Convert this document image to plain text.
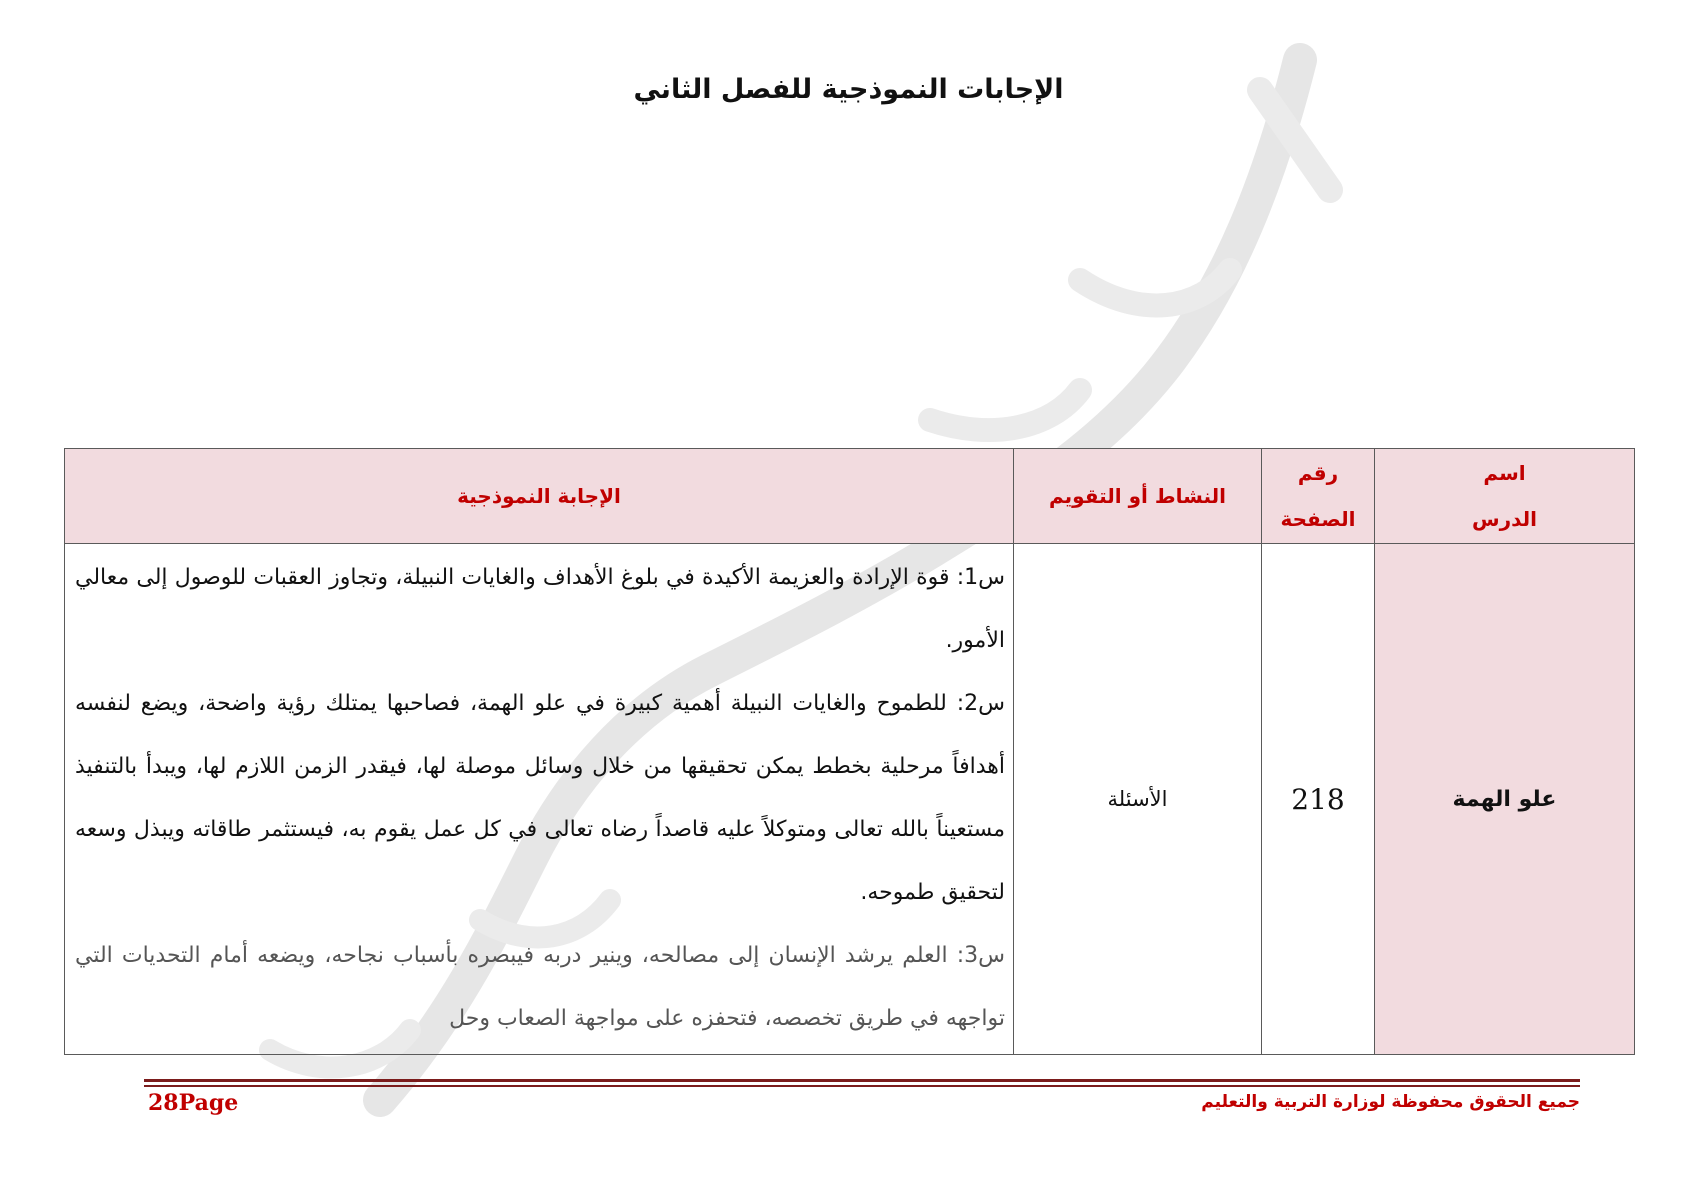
الإجابات النموذجية للفصل الثاني
اسم الدرس	رقم الصفحة	النشاط أو التقويم	الإجابة النموذجية
علو الهمة	218	الأسئلة	س1: قوة الإرادة والعزيمة الأكيدة في بلوغ الأهداف والغايات النبيلة، وتجاوز العقبات للوصول إلى معالي الأمور.
س2: للطموح والغايات النبيلة أهمية كبيرة في علو الهمة، فصاحبها يمتلك رؤية واضحة، ويضع لنفسه أهدافاً مرحلية بخطط يمكن تحقيقها من خلال وسائل موصلة لها، فيقدر الزمن اللازم لها، ويبدأ بالتنفيذ مستعيناً بالله تعالى ومتوكلاً عليه قاصداً رضاه تعالى في كل عمل يقوم به، فيستثمر طاقاته ويبذل وسعه لتحقيق طموحه.
س3: العلم يرشد الإنسان إلى مصالحه، وينير دربه فيبصره بأسباب نجاحه، ويضعه أمام التحديات التي تواجهه في طريق تخصصه، فتحفزه على مواجهة الصعاب وحل
جميع الحقوق محفوظة لوزارة التربية والتعليم
28Page
